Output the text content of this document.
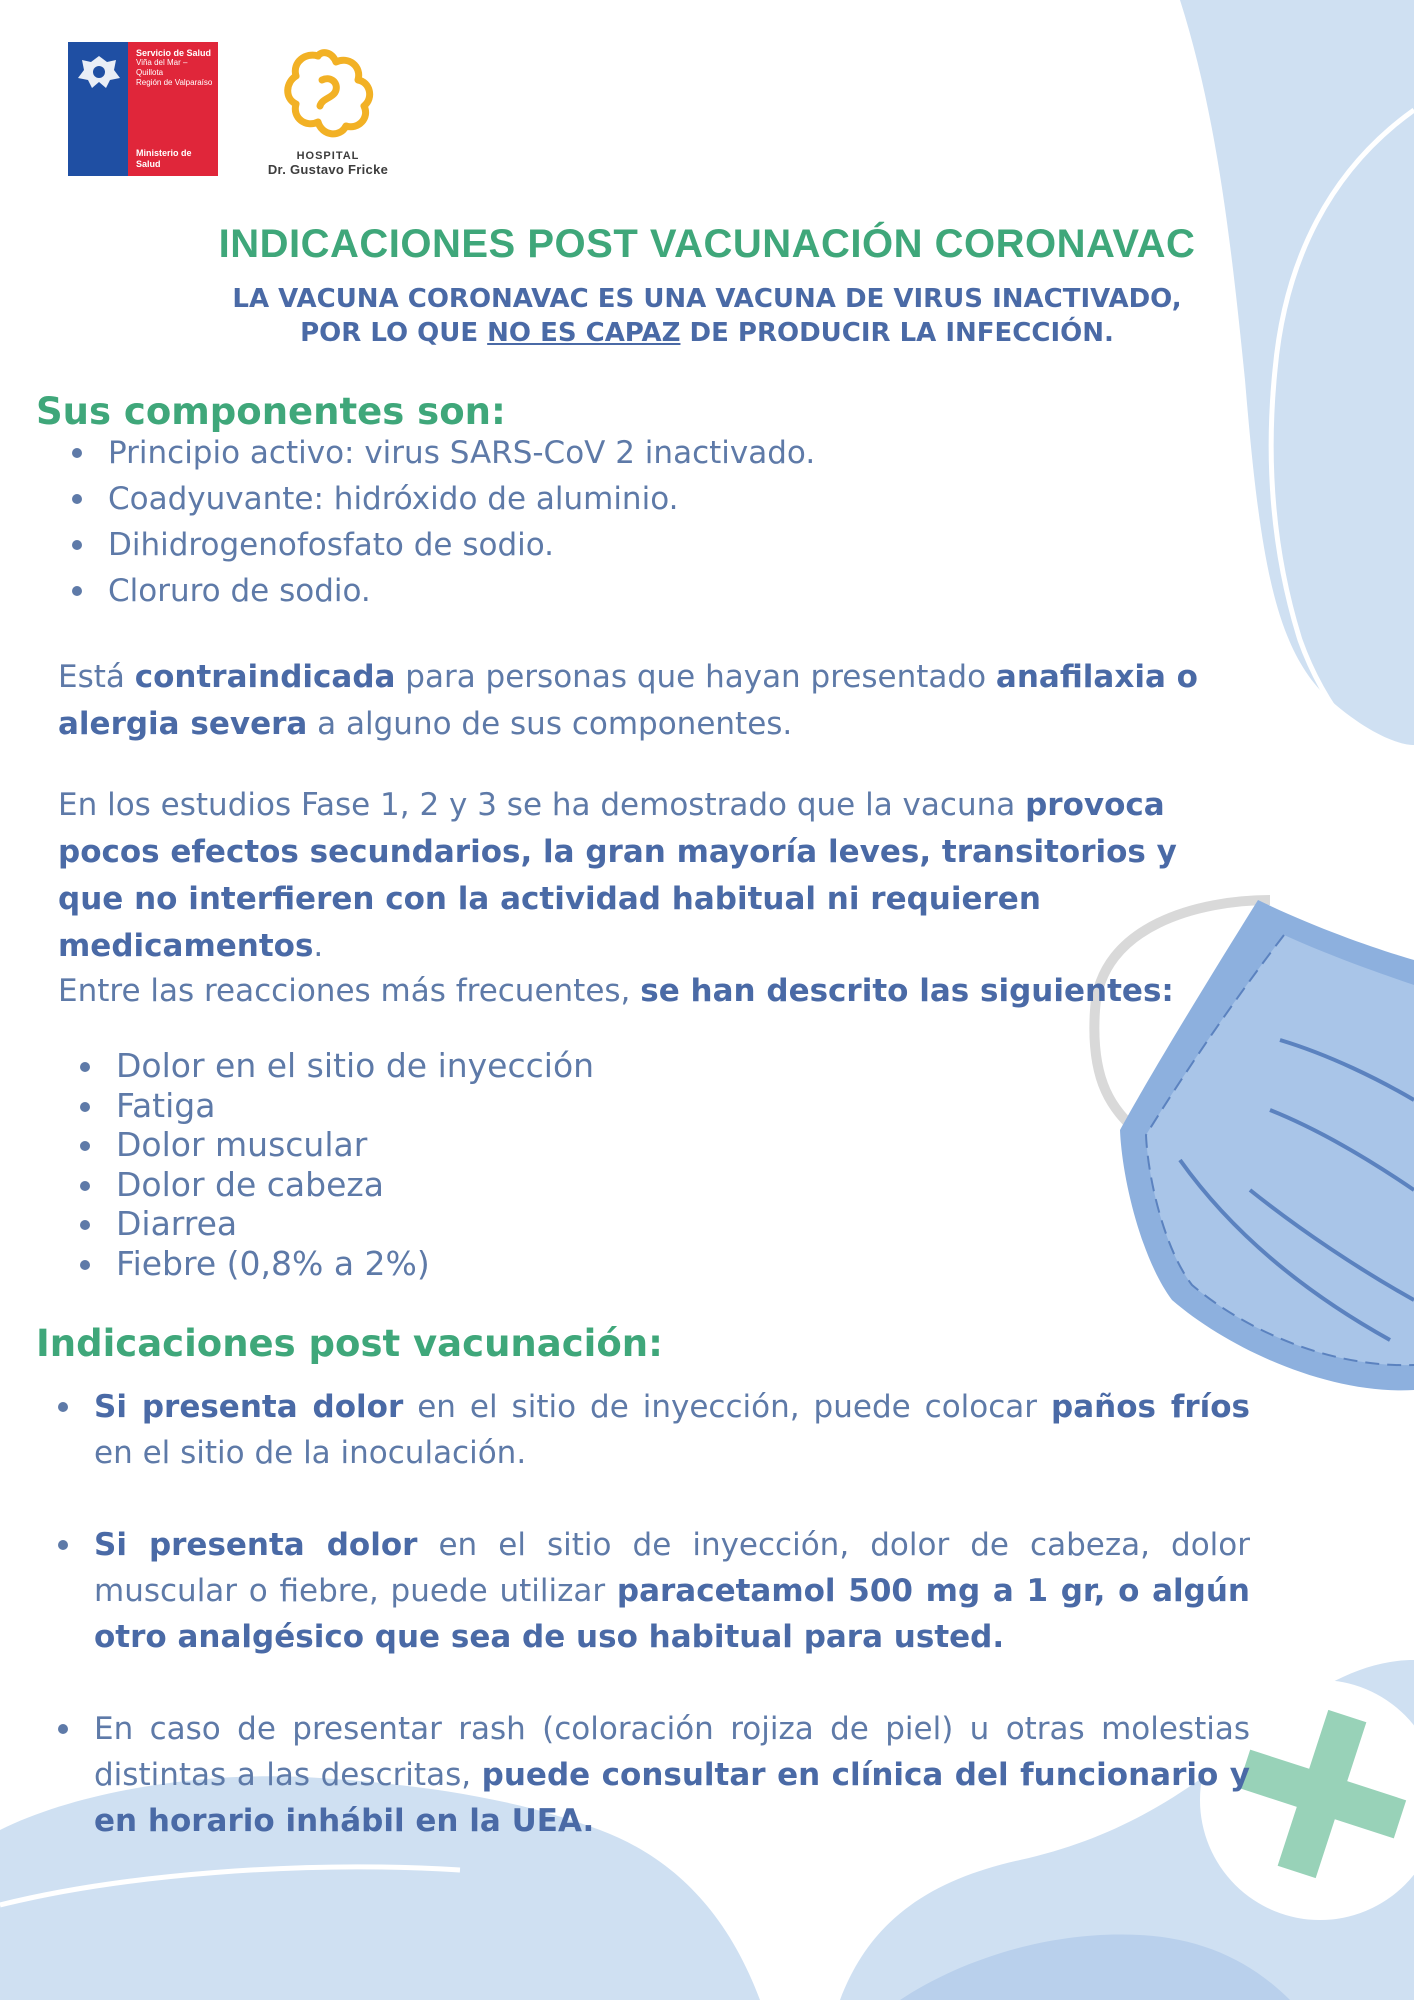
Servicio de Salud
Viña del Mar –
Quillota
Región de Valparaíso
Ministerio de
Salud
HOSPITAL
Dr. Gustavo Fricke
INDICACIONES POST VACUNACIÓN CORONAVAC
LA VACUNA CORONAVAC ES UNA VACUNA DE VIRUS INACTIVADO,
POR LO QUE NO ES CAPAZ DE PRODUCIR LA INFECCIÓN.
Sus componentes son:
Principio activo: virus SARS-CoV 2 inactivado.
Coadyuvante: hidróxido de aluminio.
Dihidrogenofosfato de sodio.
Cloruro de sodio.
Está contraindicada para personas que hayan presentado anafilaxia o alergia severa a alguno de sus componentes.
En los estudios Fase 1, 2 y 3 se ha demostrado que la vacuna provoca pocos efectos secundarios, la gran mayoría leves, transitorios y que no interfieren con la actividad habitual ni requieren medicamentos.
Entre las reacciones más frecuentes, se han descrito las siguientes:
Dolor en el sitio de inyección
Fatiga
Dolor muscular
Dolor de cabeza
Diarrea
Fiebre (0,8% a 2%)
Indicaciones post vacunación:
Si presenta dolor en el sitio de inyección, puede colocar paños fríos en el sitio de la inoculación.
Si presenta dolor en el sitio de inyección, dolor de cabeza, dolor muscular o fiebre, puede utilizar paracetamol 500 mg a 1 gr, o algún otro analgésico que sea de uso habitual para usted.
En caso de presentar rash (coloración rojiza de piel) u otras molestias distintas a las descritas, puede consultar en clínica del funcionario y en horario inhábil en la UEA.
